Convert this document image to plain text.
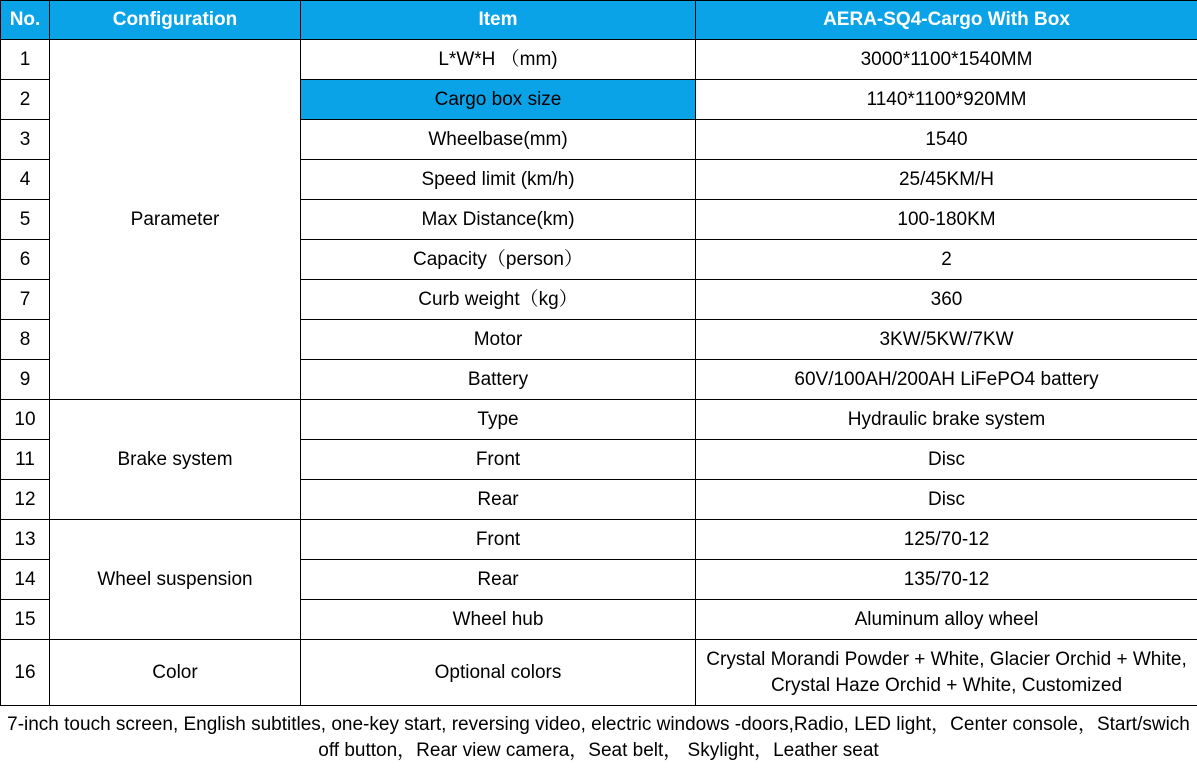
No.	Configuration	Item	AERA-SQ4-Cargo With Box
1	Parameter	L*W*H （mm)	3000*1100*1540MM
2		Cargo box size	1140*1100*920MM
3		Wheelbase(mm)	1540
4		Speed limit (km/h)	25/45KM/H
5		Max Distance(km)	100-180KM
6		Capacity（person）	2
7		Curb weight（kg）	360
8		Motor	3KW/5KW/7KW
9		Battery	60V/100AH/200AH LiFePO4 battery
10	Brake system	Type	Hydraulic brake system
11		Front	Disc
12		Rear	Disc
13	Wheel suspension	Front	125/70-12
14		Rear	135/70-12
15		Wheel hub	Aluminum alloy wheel
16	Color	Optional colors	Crystal Morandi Powder + White, Glacier Orchid + White, Crystal Haze Orchid + White, Customized
7-inch touch screen, English subtitles, one-key start, reversing video, electric windows -doors,Radio, LED light，Center console，Start/swich off button，Rear view camera，Seat belt， Skylight，Leather seat
